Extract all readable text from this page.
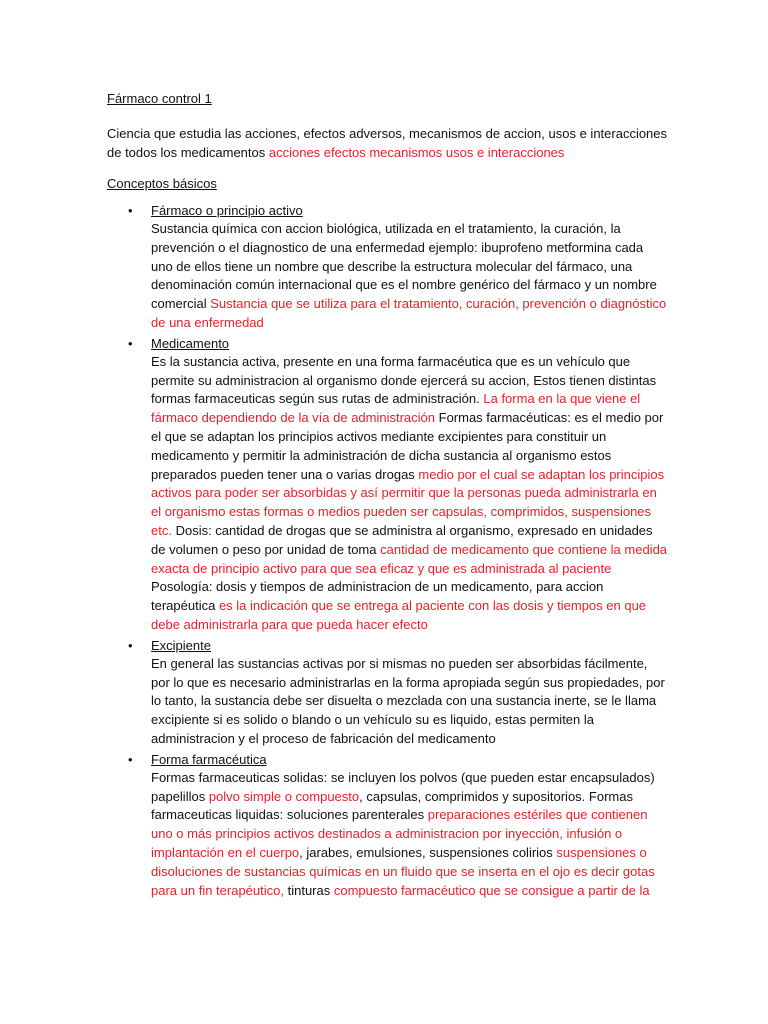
Fármaco control 1

Ciencia que estudia las acciones, efectos adversos, mecanismos de accion, usos e interacciones de todos los medicamentos acciones efectos mecanismos usos e interacciones

Conceptos básicos

• Fármaco o principio activo

Sustancia química con accion biológica, utilizada en el tratamiento, la curación, la prevención o el diagnostico de una enfermedad ejemplo: ibuprofeno metformina cada uno de ellos tiene un nombre que describe la estructura molecular del fármaco, una denominación común internacional que es el nombre genérico del fármaco y un nombre comercial Sustancia que se utiliza para el tratamiento, curación, prevención o diagnóstico de una enfermedad

• Medicamento

Es la sustancia activa, presente en una forma farmacéutica que es un vehículo que permite su administracion al organismo donde ejercerá su accion, Estos tienen distintas formas farmaceuticas según sus rutas de administración. La forma en la que viene el fármaco dependiendo de la vía de administración Formas farmacéuticas: es el medio por el que se adaptan los principios activos mediante excipientes para constituir un medicamento y permitir la administración de dicha sustancia al organismo estos preparados pueden tener una o varias drogas medio por el cual se adaptan los principios activos para poder ser absorbidas y así permitir que la personas pueda administrarla en el organismo estas formas o medios pueden ser capsulas, comprimidos, suspensiones etc. Dosis: cantidad de drogas que se administra al organismo, expresado en unidades de volumen o peso por unidad de toma cantidad de medicamento que contiene la medida exacta de principio activo para que sea eficaz y que es administrada al paciente Posología: dosis y tiempos de administracion de un medicamento, para accion terapéutica es la indicación que se entrega al paciente con las dosis y tiempos en que debe administrarla para que pueda hacer efecto

• Excipiente

En general las sustancias activas por si mismas no pueden ser absorbidas fácilmente, por lo que es necesario administrarlas en la forma apropiada según sus propiedades, por lo tanto, la sustancia debe ser disuelta o mezclada con una sustancia inerte, se le llama excipiente si es solido o blando o un vehículo su es liquido, estas permiten la administracion y el proceso de fabricación del medicamento

• Forma farmacéutica

Formas farmaceuticas solidas: se incluyen los polvos (que pueden estar encapsulados) papelillos polvo simple o compuesto, capsulas, comprimidos y supositorios. Formas farmaceuticas liquidas: soluciones parenterales preparaciones estériles que contienen uno o más principios activos destinados a administracion por inyección, infusión o implantación en el cuerpo, jarabes, emulsiones, suspensiones colirios suspensiones o disoluciones de sustancias químicas en un fluido que se inserta en el ojo es decir gotas para un fin terapéutico, tinturas compuesto farmacéutico que se consigue a partir de la
